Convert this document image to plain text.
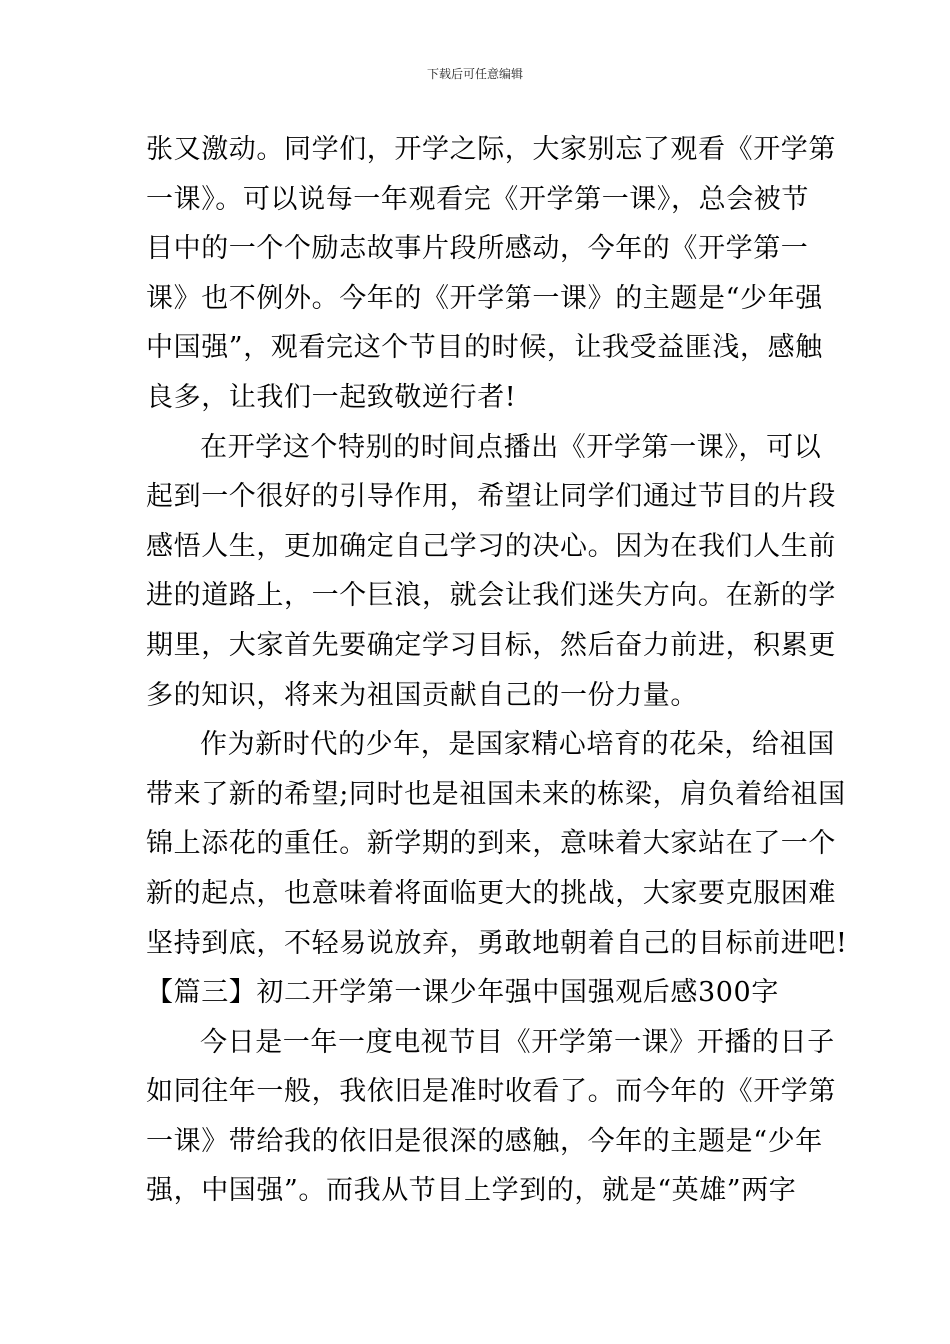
下载后可任意编辑
张又激动。同学们，开学之际，大家别忘了观看《开学第
一课》。可以说每一年观看完《开学第一课》，总会被节
目中的一个个励志故事片段所感动，今年的《开学第一
课》也不例外。今年的《开学第一课》的主题是“少年强
中国强”，观看完这个节目的时候，让我受益匪浅，感触
良多，让我们一起致敬逆行者!
在开学这个特别的时间点播出《开学第一课》，可以
起到一个很好的引导作用，希望让同学们通过节目的片段
感悟人生，更加确定自己学习的决心。因为在我们人生前
进的道路上，一个巨浪，就会让我们迷失方向。在新的学
期里，大家首先要确定学习目标，然后奋力前进，积累更
多的知识，将来为祖国贡献自己的一份力量。
作为新时代的少年，是国家精心培育的花朵，给祖国
带来了新的希望;同时也是祖国未来的栋梁，肩负着给祖国
锦上添花的重任。新学期的到来，意味着大家站在了一个
新的起点，也意味着将面临更大的挑战，大家要克服困难
坚持到底，不轻易说放弃，勇敢地朝着自己的目标前进吧!
【篇三】初二开学第一课少年强中国强观后感300字
今日是一年一度电视节目《开学第一课》开播的日子
如同往年一般，我依旧是准时收看了。而今年的《开学第
一课》带给我的依旧是很深的感触，今年的主题是“少年
强，中国强”。而我从节目上学到的，就是“英雄”两字
